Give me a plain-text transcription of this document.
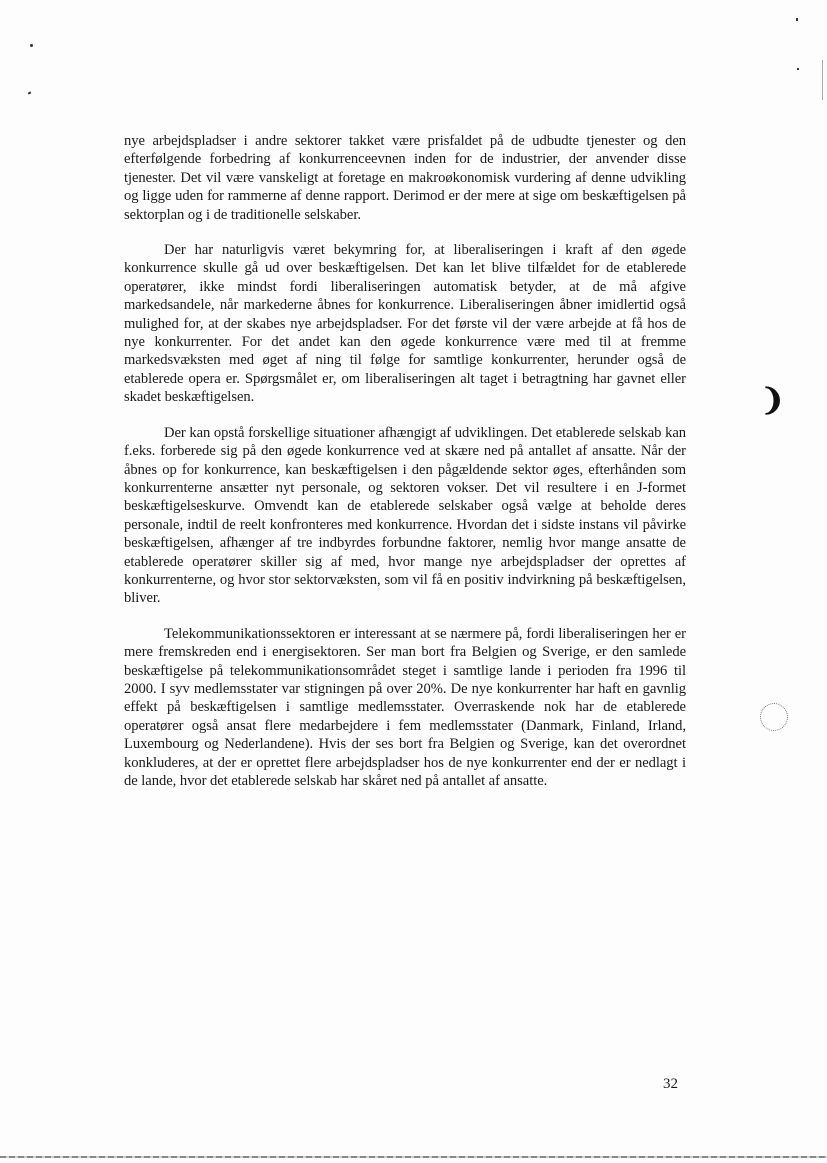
❩

nye arbejdspladser i andre sektorer takket være prisfaldet på de udbudte tjenester og den efterfølgende forbedring af konkurrenceevnen inden for de industrier, der anvender disse tjenester. Det vil være vanskeligt at foretage en makroøkonomisk vurdering af denne udvikling og ligge uden for rammerne af denne rapport. Derimod er der mere at sige om beskæftigelsen på sektorplan og i de traditionelle selskaber.

Der har naturligvis været bekymring for, at liberaliseringen i kraft af den øgede konkurrence skulle gå ud over beskæftigelsen. Det kan let blive tilfældet for de etablerede operatører, ikke mindst fordi liberaliseringen automatisk betyder, at de må afgive markedsandele, når markederne åbnes for konkurrence. Liberaliseringen åbner imidlertid også mulighed for, at der skabes nye arbejdspladser. For det første vil der være arbejde at få hos de nye konkurrenter. For det andet kan den øgede konkurrence være med til at fremme markedsvæksten med øget af ning til følge for samtlige konkurrenter, herunder også de etablerede opera er. Spørgsmålet er, om liberaliseringen alt taget i betragtning har gavnet eller skadet beskæftigelsen.

Der kan opstå forskellige situationer afhængigt af udviklingen. Det etablerede selskab kan f.eks. forberede sig på den øgede konkurrence ved at skære ned på antallet af ansatte. Når der åbnes op for konkurrence, kan beskæftigelsen i den pågældende sektor øges, efterhånden som konkurrenterne ansætter nyt personale, og sektoren vokser. Det vil resultere i en J-formet beskæftigelseskurve. Omvendt kan de etablerede selskaber også vælge at beholde deres personale, indtil de reelt konfronteres med konkurrence. Hvordan det i sidste instans vil påvirke beskæftigelsen, afhænger af tre indbyrdes forbundne faktorer, nemlig hvor mange ansatte de etablerede operatører skiller sig af med, hvor mange nye arbejdspladser der oprettes af konkurrenterne, og hvor stor sektorvæksten, som vil få en positiv indvirkning på beskæftigelsen, bliver.

Telekommunikationssektoren er interessant at se nærmere på, fordi liberaliseringen her er mere fremskreden end i energisektoren. Ser man bort fra Belgien og Sverige, er den samlede beskæftigelse på telekommunikationsområdet steget i samtlige lande i perioden fra 1996 til 2000. I syv medlemsstater var stigningen på over 20%. De nye konkurrenter har haft en gavnlig effekt på beskæftigelsen i samtlige medlemsstater. Overraskende nok har de etablerede operatører også ansat flere medarbejdere i fem medlemsstater (Danmark, Finland, Irland, Luxembourg og Nederlandene). Hvis der ses bort fra Belgien og Sverige, kan det overordnet konkluderes, at der er oprettet flere arbejdspladser hos de nye konkurrenter end der er nedlagt i de lande, hvor det etablerede selskab har skåret ned på antallet af ansatte.

32
